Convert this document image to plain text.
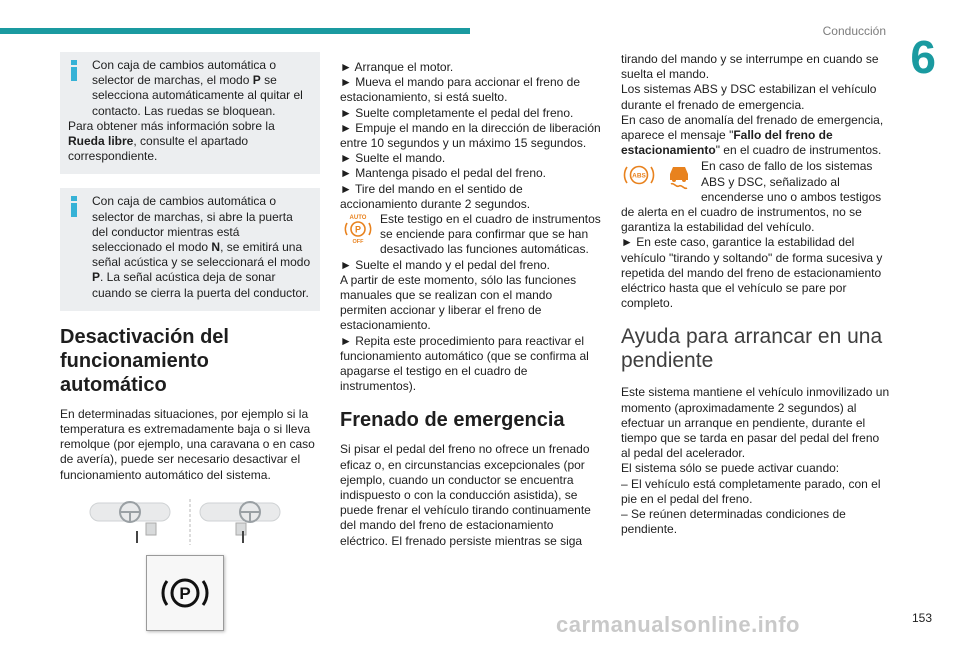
Conducción 6

Con caja de cambios automática o selector de marchas, el modo P se selecciona automáticamente al quitar el contacto. Las ruedas se bloquean.

Para obtener más información sobre la Rueda libre, consulte el apartado correspondiente.

Con caja de cambios automática o selector de marchas, si abre la puerta del conductor mientras está seleccionado el modo N, se emitirá una señal acústica y se seleccionará el modo P. La señal acústica deja de sonar cuando se cierra la puerta del conductor.

Desactivación del funcionamiento automático

En determinadas situaciones, por ejemplo si la temperatura es extremadamente baja o si lleva remolque (por ejemplo, una caravana o en caso de avería), puede ser necesario desactivar el funcionamiento automático del sistema.

P

► Arranque el motor.

► Mueva el mando para accionar el freno de estacionamiento, si está suelto.

► Suelte completamente el pedal del freno.

► Empuje el mando en la dirección de liberación entre 10 segundos y un máximo 15 segundos.

► Suelte el mando.

► Mantenga pisado el pedal del freno.

► Tire del mando en el sentido de accionamiento durante 2 segundos.

AUTO
P
OFF

Este testigo en el cuadro de instrumentos se enciende para confirmar que se han desactivado las funciones automáticas.

► Suelte el mando y el pedal del freno.

A partir de este momento, sólo las funciones manuales que se realizan con el mando permiten accionar y liberar el freno de estacionamiento.

► Repita este procedimiento para reactivar el funcionamiento automático (que se confirma al apagarse el testigo en el cuadro de instrumentos).

Frenado de emergencia

Si pisar el pedal del freno no ofrece un frenado eficaz o, en circunstancias excepcionales (por ejemplo, cuando un conductor se encuentra indispuesto o con la conducción asistida), se puede frenar el vehículo tirando continuamente del mando del freno de estacionamiento eléctrico. El frenado persiste mientras se siga

tirando del mando y se interrumpe en cuando se suelta el mando.

Los sistemas ABS y DSC estabilizan el vehículo durante el frenado de emergencia.

En caso de anomalía del frenado de emergencia, aparece el mensaje "Fallo del freno de estacionamiento" en el cuadro de instrumentos.

ABS

En caso de fallo de los sistemas ABS y DSC, señalizado al encenderse uno o ambos testigos de alerta en el cuadro de instrumentos, no se garantiza la estabilidad del vehículo.

► En este caso, garantice la estabilidad del vehículo "tirando y soltando" de forma sucesiva y repetida del mando del freno de estacionamiento eléctrico hasta que el vehículo se pare por completo.

Ayuda para arrancar en una pendiente

Este sistema mantiene el vehículo inmovilizado un momento (aproximadamente 2 segundos) al efectuar un arranque en pendiente, durante el tiempo que se tarda en pasar del pedal del freno al pedal del acelerador.

El sistema sólo se puede activar cuando:

– El vehículo está completamente parado, con el pie en el pedal del freno.

– Se reúnen determinadas condiciones de pendiente.

carmanualsonline.info	153
